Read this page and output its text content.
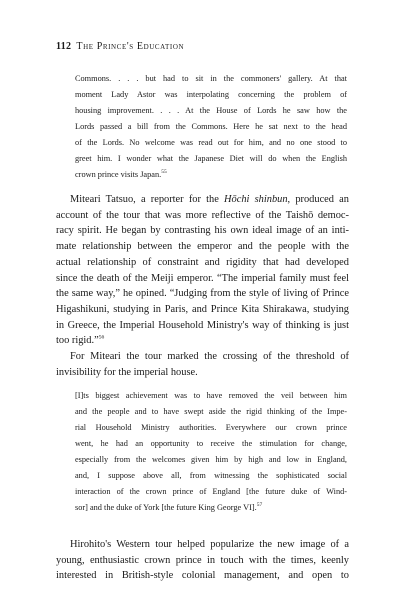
112 The Prince's Education
Commons. . . . but had to sit in the commoners' gallery. At that
moment Lady Astor was interpolating concerning the problem of
housing improvement. . . . At the House of Lords he saw how the
Lords passed a bill from the Commons. Here he sat next to the head
of the Lords. No welcome was read out for him, and no one stood to
greet him. I wonder what the Japanese Diet will do when the English
crown prince visits Japan.$^{55}$
Miteari Tatsuo, a reporter for the Hōchi shinbun, produced an
account of the tour that was more reflective of the Taishō democ-
racy spirit. He began by contrasting his own ideal image of an inti-
mate relationship between the emperor and the people with the
actual relationship of constraint and rigidity that had developed
since the death of the Meiji emperor. “The imperial family must feel
the same way,” he opined. “Judging from the style of living of Prince
Higashikuni, studying in Paris, and Prince Kita Shirakawa, studying
in Greece, the Imperial Household Ministry's way of thinking is just
too rigid.”$^{56}$
For Miteari the tour marked the crossing of the threshold of
invisibility for the imperial house.
[I]ts biggest achievement was to have removed the veil between him
and the people and to have swept aside the rigid thinking of the Impe-
rial Household Ministry authorities. Everywhere our crown prince
went, he had an opportunity to receive the stimulation for change,
especially from the welcomes given him by high and low in England,
and, I suppose above all, from witnessing the sophisticated social
interaction of the crown prince of England [the future duke of Wind-
sor] and the duke of York [the future King George VI].$^{57}$
Hirohito's Western tour helped popularize the new image of a
young, enthusiastic crown prince in touch with the times, keenly
interested in British-style colonial management, and open to
